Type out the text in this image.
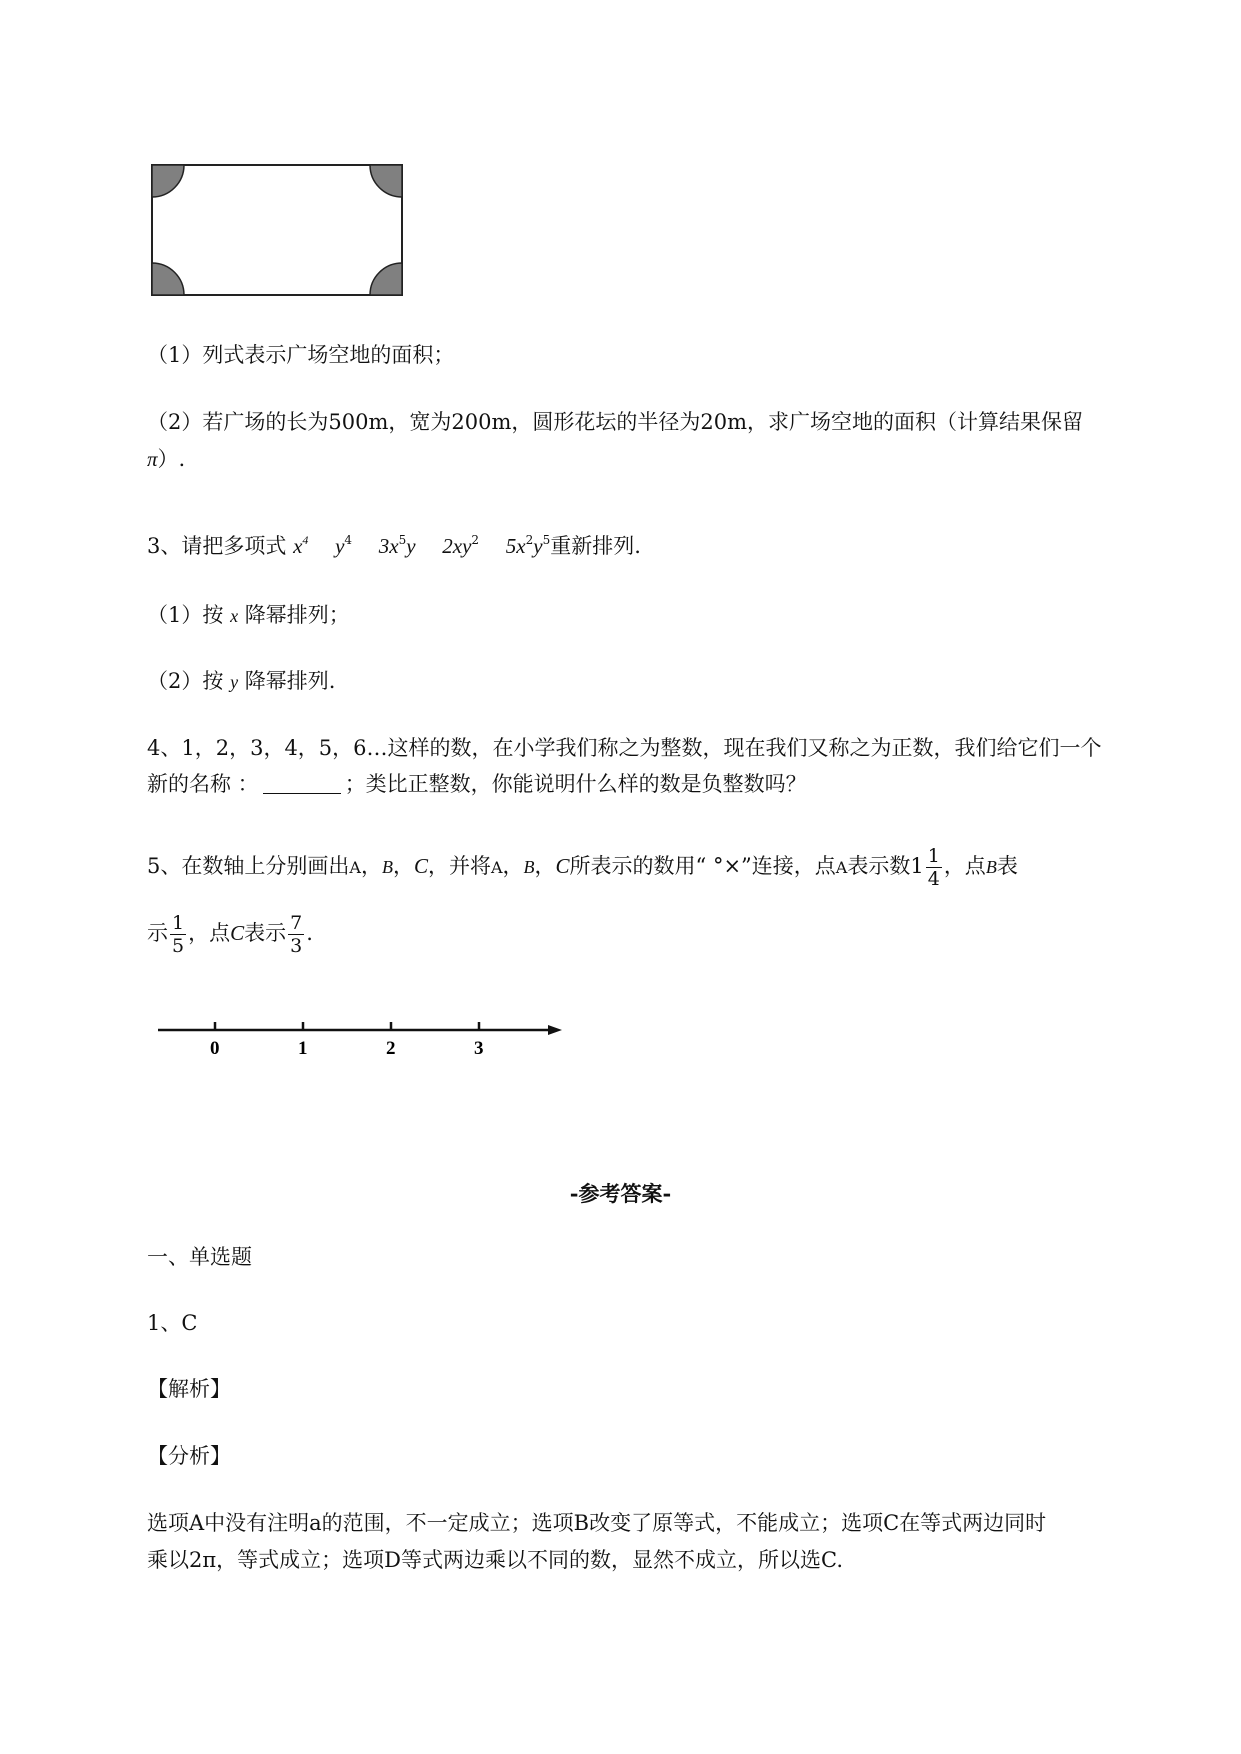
（1）列式表示广场空地的面积；
（2）若广场的长为500m，宽为200m，圆形花坛的半径为20m，求广场空地的面积（计算结果保留
π）.
3、请把多项式 $x^4$ $y^4$ $3x^5y$ $2xy^2$ $5x^2y^5$重新排列.
（1）按 x 降幂排列；
（2）按 y 降幂排列.
4、1，2，3，4，5，6…这样的数，在小学我们称之为整数，现在我们又称之为正数，我们给它们一个
新的名称 ：	；类比正整数，你能说明什么样的数是负整数吗？
5、在数轴上分别画出A，B，C，并将A，B，C所表示的数用“ °×”连接，点A表示数$1 \frac{1}{4}$ ，点B表
示 $\frac{1}{5}$ ，点C表示 $\frac{7}{3}$ .
0	1	2	3
-参考答案-
一、单选题
1、C
【解析】
【分析】
选项A中没有注明a的范围，不一定成立；选项B改变了原等式，不能成立；选项C在等式两边同时
乘以2π，等式成立；选项D等式两边乘以不同的数，显然不成立，所以选C.
